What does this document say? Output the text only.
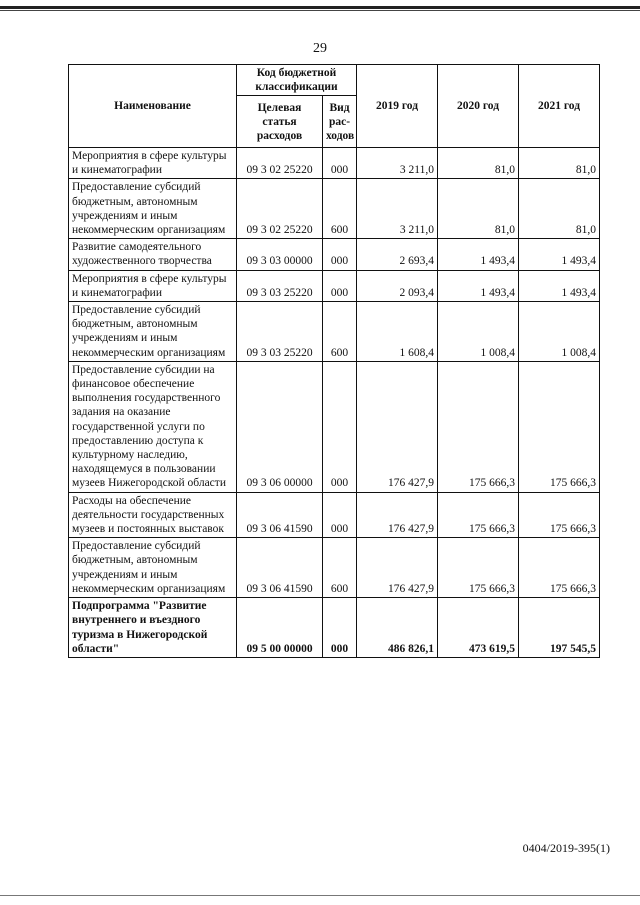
29
Наименование	Код бюджетной классификации		2019 год	2020 год	2021 год
	Целевая статья расходов	Вид рас-ходов			
Мероприятия в сфере культуры и кинематографии	09 3 02 25220	000	3 211,0	81,0	81,0
Предоставление субсидий бюджетным, автономным учреждениям и иным некоммерческим организациям	09 3 02 25220	600	3 211,0	81,0	81,0
Развитие самодеятельного художественного творчества	09 3 03 00000	000	2 693,4	1 493,4	1 493,4
Мероприятия в сфере культуры и кинематографии	09 3 03 25220	000	2 093,4	1 493,4	1 493,4
Предоставление субсидий бюджетным, автономным учреждениям и иным некоммерческим организациям	09 3 03 25220	600	1 608,4	1 008,4	1 008,4
Предоставление субсидии на финансовое обеспечение выполнения государственного задания на оказание государственной услуги по предоставлению доступа к культурному наследию, находящемуся в пользовании музеев Нижегородской области	09 3 06 00000	000	176 427,9	175 666,3	175 666,3
Расходы на обеспечение деятельности государственных музеев и постоянных выставок	09 3 06 41590	000	176 427,9	175 666,3	175 666,3
Предоставление субсидий бюджетным, автономным учреждениям и иным некоммерческим организациям	09 3 06 41590	600	176 427,9	175 666,3	175 666,3
Подпрограмма "Развитие внутреннего и въездного туризма в Нижегородской области"	09 5 00 00000	000	486 826,1	473 619,5	197 545,5
0404/2019-395(1)
